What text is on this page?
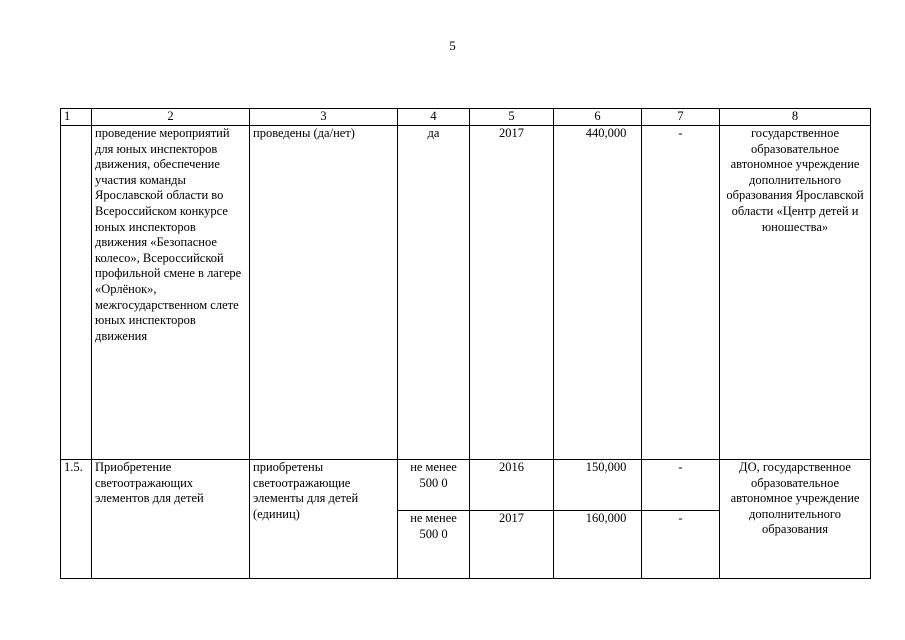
5
1	2	3	4	5	6	7	8
	проведение мероприятий для юных инспекторов движения, обеспечение участия команды Ярославской области во Всероссийском конкурсе юных инспекторов движения «Безопасное колесо», Всероссийской профильной смене в лагере «Орлёнок», межгосударственном слете юных инспекторов движения	проведены (да/нет)	да	2017	440,000	-	государственное образовательное автономное учреждение дополнительного образования Ярославской области «Центр детей и юношества»
1.5.	Приобретение светоотражающих элементов для детей	приобретены светоотражающие элементы для детей (единиц)	не менее 500 0	2016	150,000	-	ДО, государственное образовательное автономное учреждение дополнительного образования
			не менее 500 0	2017	160,000	-	
